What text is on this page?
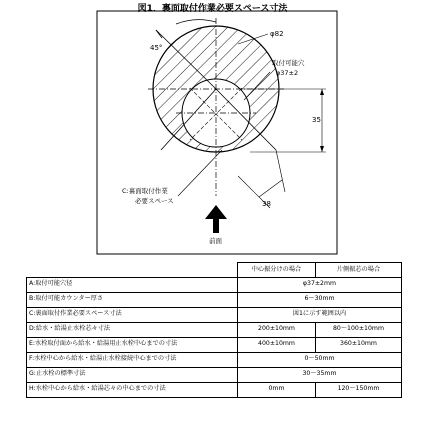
図1．裏面取付作業必要スペース寸法
45°
φ82
取付可能穴
φ37±2
35
38
C:裏面取付作業
必要スペース
前面
	中心振分けの場合	片側振芯の場合
A:取付可能穴径	φ37±2mm	
B:取付可能カウンター厚さ	6〜30mm	
C:裏面取付作業必要スペース寸法	図1に示す範囲以内	
D:給水・給湯止水栓芯々寸法	200±10mm	80〜100±10mm
E:水栓取付面から給水・給湯用止水栓中心までの寸法	400±10mm	360±10mm
F:水栓中心から給水・給湯止水栓接続中心までの寸法	0〜50mm	
G:止水栓の標準寸法	30〜35mm	
H:水栓中心から給水・給湯芯々の中心までの寸法	0mm	120〜150mm
